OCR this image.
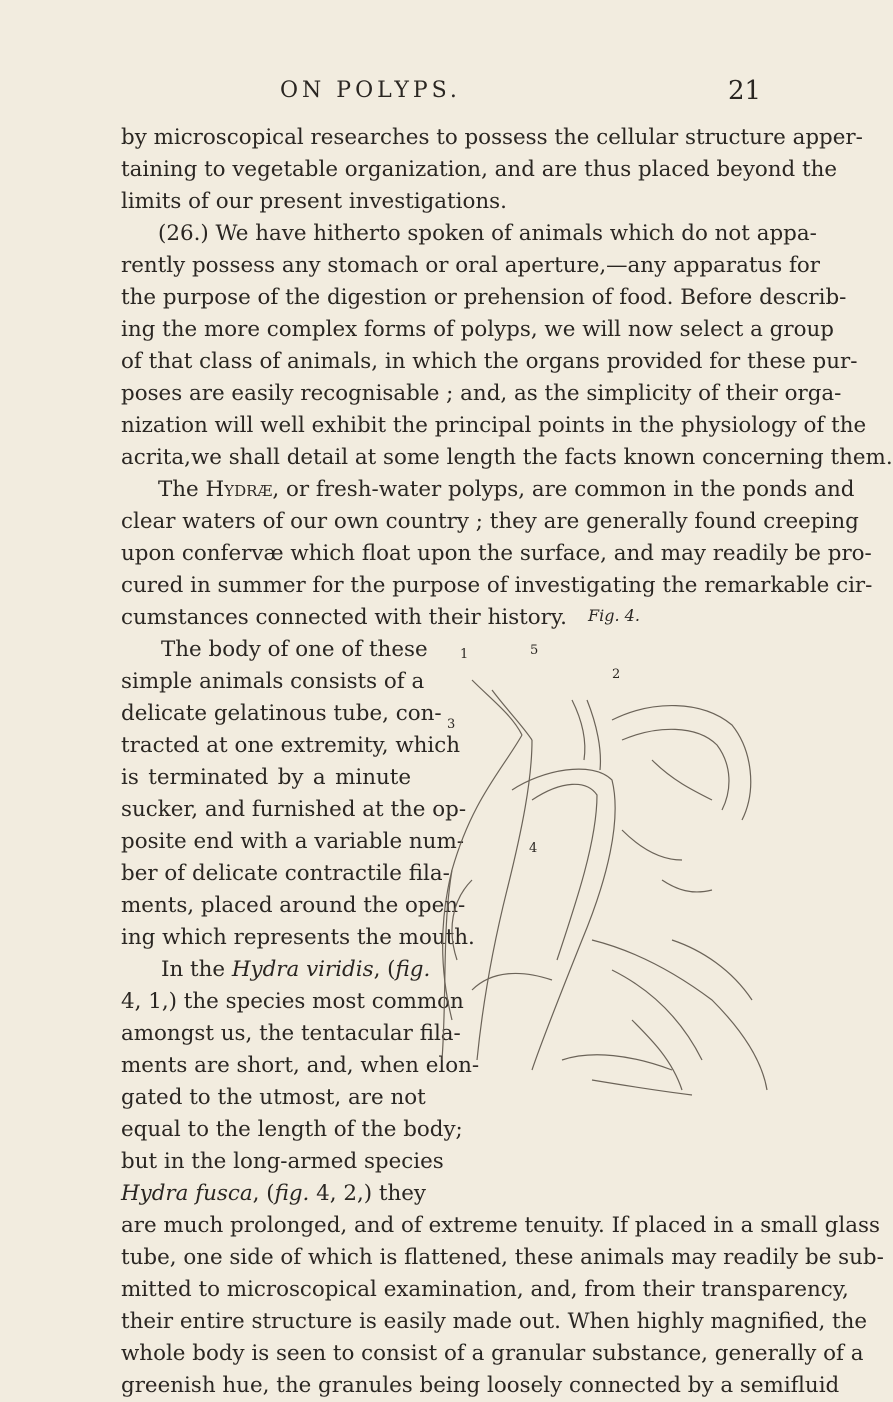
ON POLYPS.	21
by microscopical researches to possess the cellular structure apper-
taining to vegetable organization, and are thus placed beyond the
limits of our present investigations.
(26.) We have hitherto spoken of animals which do not appa-
rently possess any stomach or oral aperture,—any apparatus for
the purpose of the digestion or prehension of food. Before describ-
ing the more complex forms of polyps, we will now select a group
of that class of animals, in which the organs provided for these pur-
poses are easily recognisable ; and, as the simplicity of their orga-
nization will well exhibit the principal points in the physiology of the
acrita,we shall detail at some length the facts known concerning them.
The Hydræ, or fresh-water polyps, are common in the ponds and
clear waters of our own country ; they are generally found creeping
upon confervæ which float upon the surface, and may readily be pro-
cured in summer for the purpose of investigating the remarkable cir-
cumstances connected with their history. Fig. 4.
The body of one of these
simple animals consists of a
delicate gelatinous tube, con-
tracted at one extremity, which
is terminated by a minute
sucker, and furnished at the op-
posite end with a variable num-
ber of delicate contractile fila-
ments, placed around the open-
ing which represents the mouth.
In the Hydra viridis, (fig.
4, 1,) the species most common
amongst us, the tentacular fila-
ments are short, and, when elon-
gated to the utmost, are not
equal to the length of the body;
but in the long-armed species
Hydra fusca, (fig. 4, 2,) they
are much prolonged, and of extreme tenuity. If placed in a small glass
tube, one side of which is flattened, these animals may readily be sub-
mitted to microscopical examination, and, from their transparency,
their entire structure is easily made out. When highly magnified, the
whole body is seen to consist of a granular substance, generally of a
greenish hue, the granules being loosely connected by a semifluid
1
2
3
4
5
